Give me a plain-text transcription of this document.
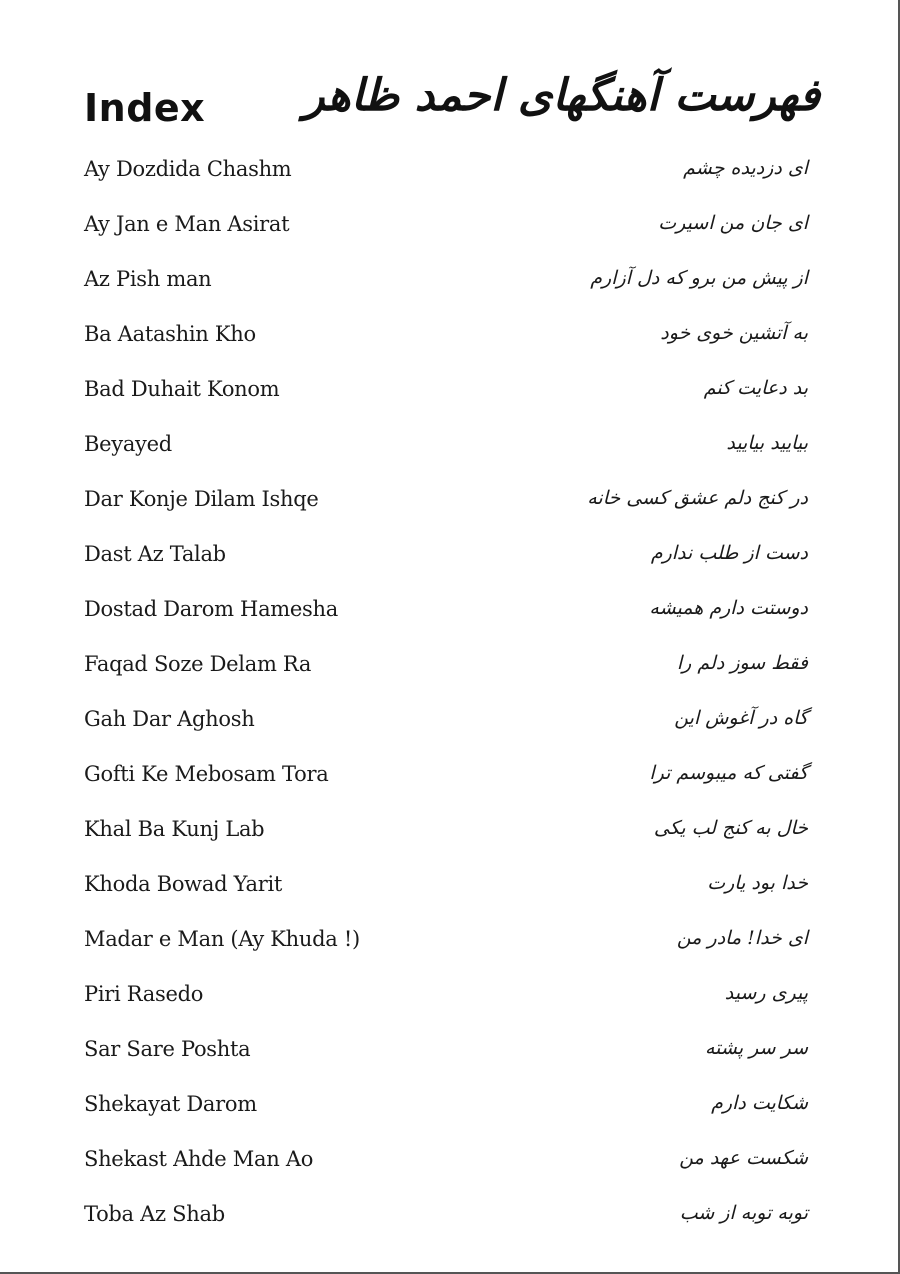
Index فهرست آهنگهای احمد ظاهر
Ay Dozdida Chashm	ای دزدیده چشم
Ay Jan e Man Asirat	ای جان من اسیرت
Az Pish man	از پیش من برو که دل آزارم
Ba Aatashin Kho	به آتشین خوی خود
Bad Duhait Konom	بد دعایت کنم
Beyayed	بیایید بیایید
Dar Konje Dilam Ishqe	در کنج دلم عشق کسی خانه
Dast Az Talab	دست از طلب ندارم
Dostad Darom Hamesha	دوستت دارم همیشه
Faqad Soze Delam Ra	فقط سوز دلم را
Gah Dar Aghosh	گاه در آغوش این
Gofti Ke Mebosam Tora	گفتی که میبوسم ترا
Khal Ba Kunj Lab	خال به کنج لب یکی
Khoda Bowad Yarit	خدا بود یارت
Madar e Man (Ay Khuda !)	ای خدا! مادر من
Piri Rasedo	پیری رسید
Sar Sare Poshta	سر سر پشته
Shekayat Darom	شکایت دارم
Shekast Ahde Man Ao	شکست عهد من
Toba Az Shab	توبه توبه از شب
